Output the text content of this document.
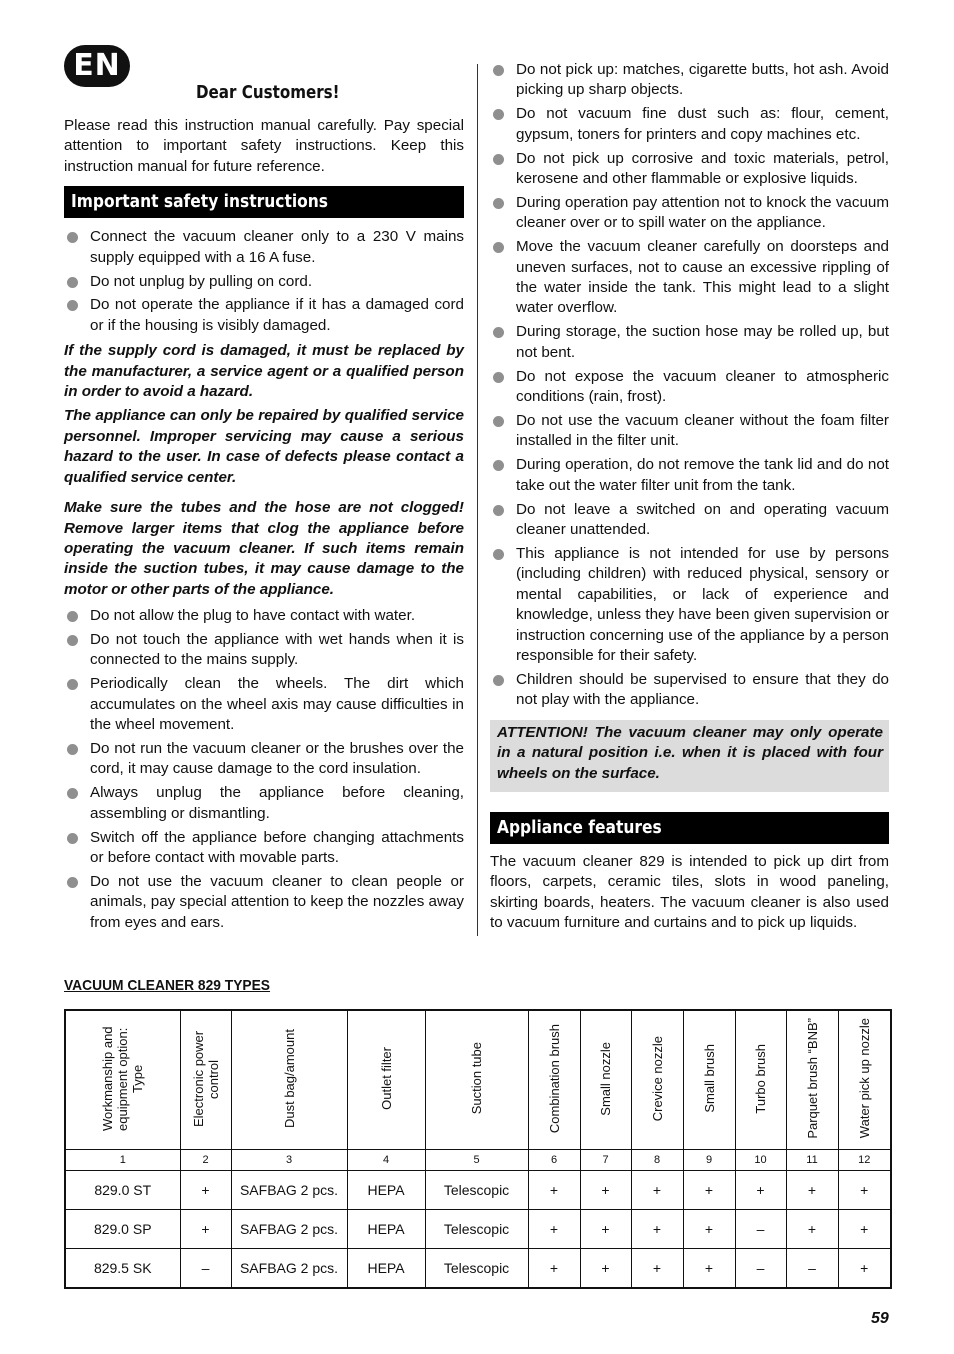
EN
Dear Customers!

Please read this instruction manual carefully. Pay special attention to important safety instructions. Keep this instruction manual for future reference.

Important safety instructions
Connect the vacuum cleaner only to a 230 V mains supply equipped with a 16 A fuse.
Do not unplug by pulling on cord.
Do not operate the appliance if it has a damaged cord or if the housing is visibly damaged.

If the supply cord is damaged, it must be replaced by the manufacturer, a service agent or a qualified person in order to avoid a hazard.

The appliance can only be repaired by qualified service personnel. Improper servicing may cause a serious hazard to the user. In case of defects please contact a qualified service center.

Make sure the tubes and the hose are not clogged! Remove larger items that clog the appliance before operating the vacuum cleaner. If such items remain inside the suction tubes, it may cause damage to the motor or other parts of the appliance.

Do not allow the plug to have contact with water.
Do not touch the appliance with wet hands when it is connected to the mains supply.
Periodically clean the wheels. The dirt which accumulates on the wheel axis may cause difficulties in the wheel movement.
Do not run the vacuum cleaner or the brushes over the cord, it may cause damage to the cord insulation.
Always unplug the appliance before cleaning, assembling or dismantling.
Switch off the appliance before changing attachments or before contact with movable parts.
Do not use the vacuum cleaner to clean people or animals, pay special attention to keep the nozzles away from eyes and ears.
Do not pick up: matches, cigarette butts, hot ash. Avoid picking up sharp objects.
Do not vacuum fine dust such as: flour, cement, gypsum, toners for printers and copy machines etc.
Do not pick up corrosive and toxic materials, petrol, kerosene and other flammable or explosive liquids.
During operation pay attention not to knock the vacuum cleaner over or to spill water on the appliance.
Move the vacuum cleaner carefully on doorsteps and uneven surfaces, not to cause an excessive rippling of the water inside the tank. This might lead to a slight water overflow.
During storage, the suction hose may be rolled up, but not bent.
Do not expose the vacuum cleaner to atmospheric conditions (rain, frost).
Do not use the vacuum cleaner without the foam filter installed in the filter unit.
During operation, do not remove the tank lid and do not take out the water filter unit from the tank.
Do not leave a switched on and operating vacuum cleaner unattended.
This appliance is not intended for use by persons (including children) with reduced physical, sensory or mental capabilities, or lack of experience and knowledge, unless they have been given supervision or instruction concerning use of the appliance by a person responsible for their safety.
Children should be supervised to ensure that they do not play with the appliance.
ATTENTION! The vacuum cleaner may only operate in a natural position i.e. when it is placed with four wheels on the surface.
Appliance features

The vacuum cleaner 829 is intended to pick up dirt from floors, carpets, ceramic tiles, slots in wood paneling, skirting boards, heaters. The vacuum cleaner is also used to vacuum furniture and curtains and to pick up liquids.

VACUUM CLEANER 829 TYPES
Workmanship and equipment option: Type	Electronic power control	Dust bag/amount	Outlet filter	Suction tube	Combination brush	Small nozzle	Crevice nozzle	Small brush	Turbo brush	Parquet brush “BNB”	Water pick up nozzle
1	2	3	4	5	6	7	8	9	10	11	12
829.0 ST	+	SAFBAG 2 pcs.	HEPA	Telescopic	+	+	+	+	+	+	+
829.0 SP	+	SAFBAG 2 pcs.	HEPA	Telescopic	+	+	+	+	–	+	+
829.5 SK	–	SAFBAG 2 pcs.	HEPA	Telescopic	+	+	+	+	–	–	+
59
